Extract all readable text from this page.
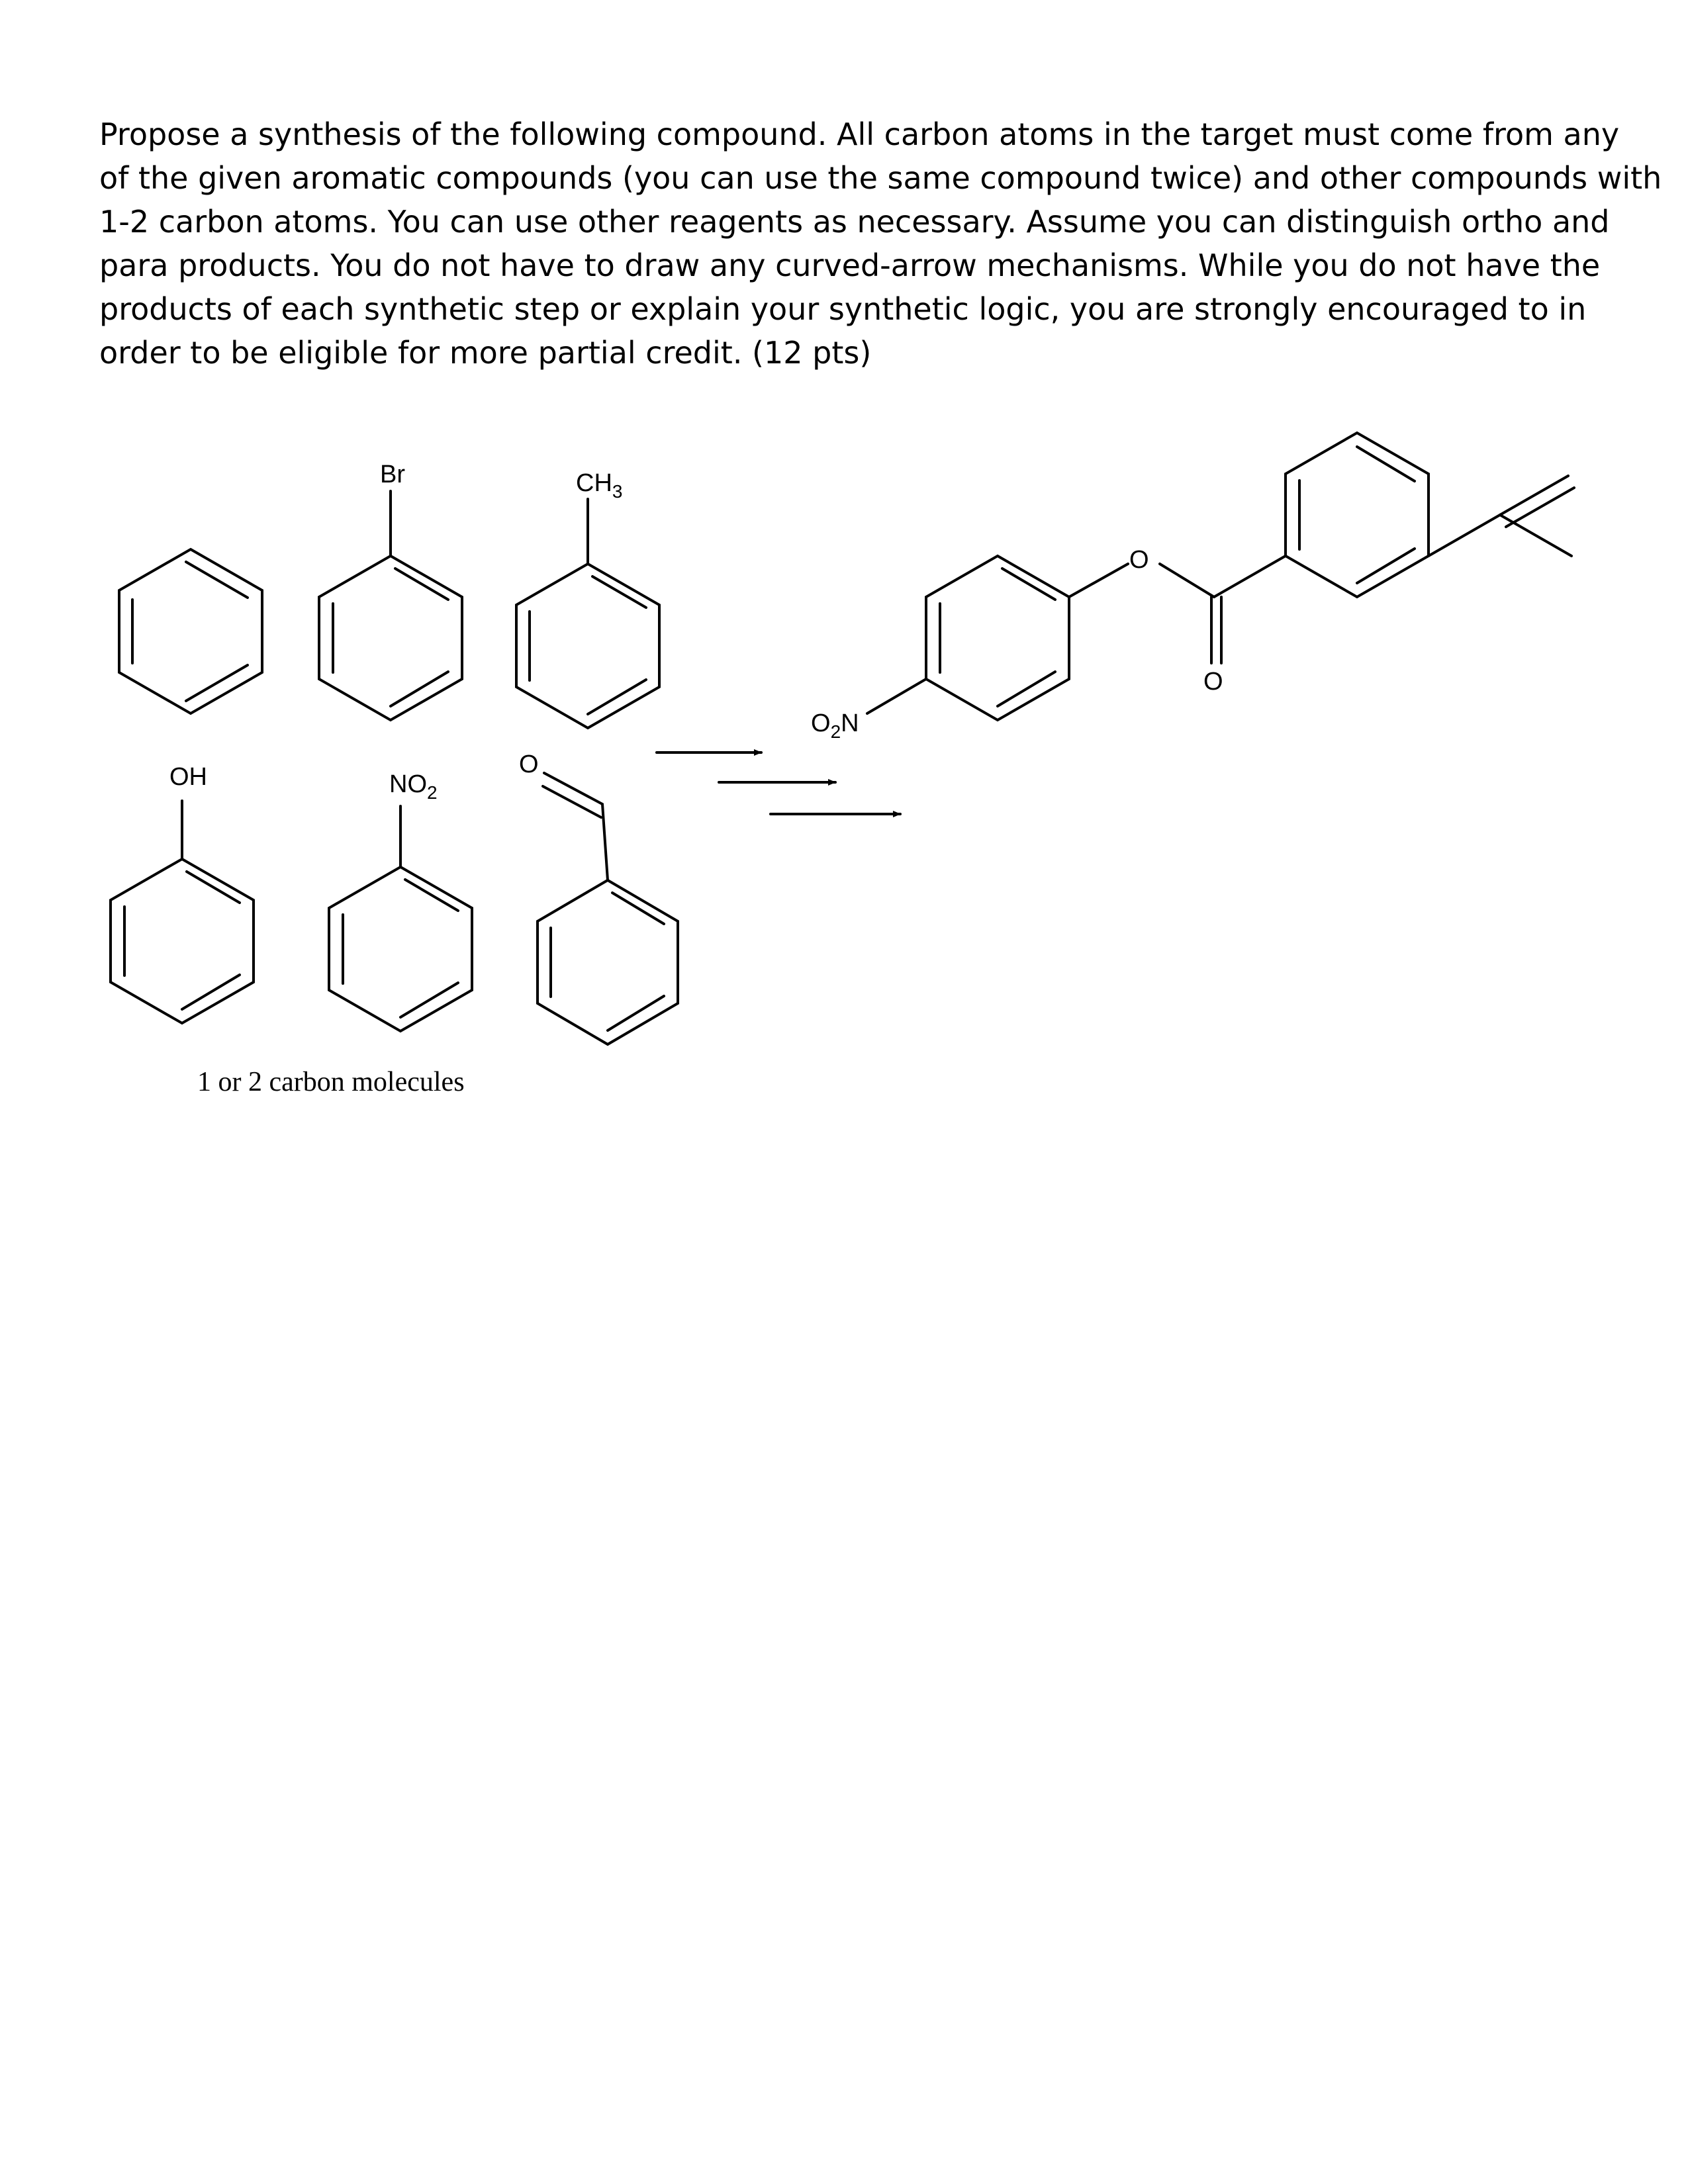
Propose a synthesis of the following compound. All carbon atoms in the target must come from any
of the given aromatic compounds (you can use the same compound twice) and other compounds with
1-2 carbon atoms. You can use other reagents as necessary. Assume you can distinguish ortho and
para products. You do not have to draw any curved-arrow mechanisms. While you do not have the
products of each synthetic step or explain your synthetic logic, you are strongly encouraged to in
order to be eligible for more partial credit. (12 pts)
Br	$CH_3$
OH	$NO_2$
O
1 or 2 carbon molecules
$O_2N$
O
O
